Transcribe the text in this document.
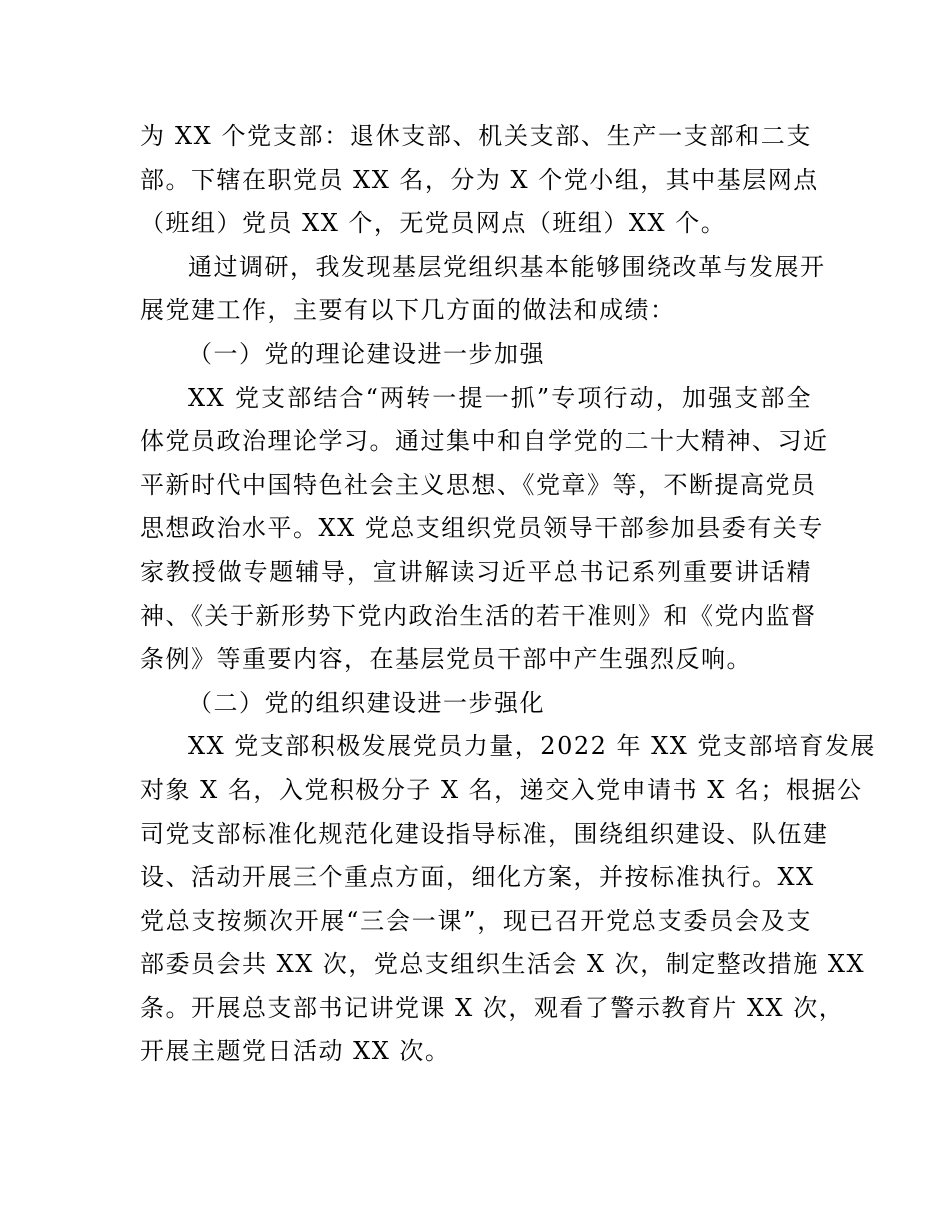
为 XX 个党支部：退休支部、机关支部、生产一支部和二支
部。下辖在职党员 XX 名，分为 X 个党小组，其中基层网点
（班组）党员 XX 个，无党员网点（班组）XX 个。
通过调研，我发现基层党组织基本能够围绕改革与发展开
展党建工作，主要有以下几方面的做法和成绩：
（一）党的理论建设进一步加强
XX 党支部结合“两转一提一抓”专项行动，加强支部全
体党员政治理论学习。通过集中和自学党的二十大精神、习近
平新时代中国特色社会主义思想、《党章》等，不断提高党员
思想政治水平。XX 党总支组织党员领导干部参加县委有关专
家教授做专题辅导，宣讲解读习近平总书记系列重要讲话精
神、《关于新形势下党内政治生活的若干准则》和《党内监督
条例》等重要内容，在基层党员干部中产生强烈反响。
（二）党的组织建设进一步强化
XX 党支部积极发展党员力量，2022 年 XX 党支部培育发展
对象 X 名，入党积极分子 X 名，递交入党申请书 X 名；根据公
司党支部标准化规范化建设指导标准，围绕组织建设、队伍建
设、活动开展三个重点方面，细化方案，并按标准执行。XX
党总支按频次开展“三会一课”，现已召开党总支委员会及支
部委员会共 XX 次，党总支组织生活会 X 次，制定整改措施 XX
条。开展总支部书记讲党课 X 次，观看了警示教育片 XX 次，
开展主题党日活动 XX 次。
